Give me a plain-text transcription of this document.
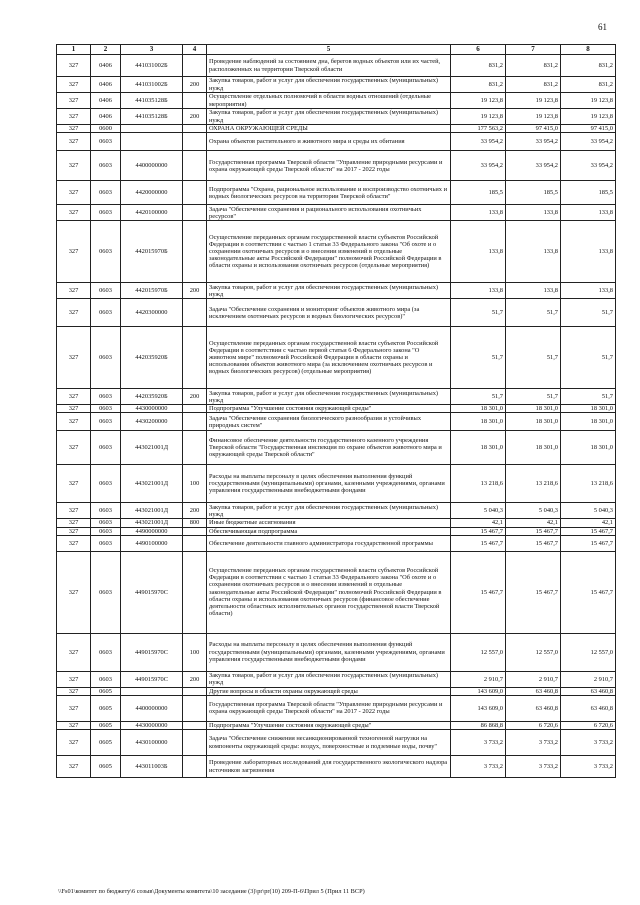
61
1	2	3	4	5	6	7	8
327	0406	441031002Б		Проведение наблюдений за состоянием дна, берегов водных объектов или их частей, расположенных на территории Тверской области	831,2	831,2	831,2
327	0406	441031002Б	200	Закупка товаров, работ и услуг для обеспечения государственных (муниципальных) нужд	831,2	831,2	831,2
327	0406	441035128Б		Осуществление отдельных полномочий в области водных отношений (отдельные мероприятия)	19 123,8	19 123,8	19 123,8
327	0406	441035128Б	200	Закупка товаров, работ и услуг для обеспечения государственных (муниципальных) нужд	19 123,8	19 123,8	19 123,8
327	0600			ОХРАНА ОКРУЖАЮЩЕЙ СРЕДЫ	177 563,2	97 415,0	97 415,0
327	0603			Охрана объектов растительного и животного мира и среды их обитания	33 954,2	33 954,2	33 954,2
327	0603	4400000000		Государственная программа Тверской области "Управление природными ресурсами и охрана окружающей среды Тверской области" на 2017 - 2022 годы	33 954,2	33 954,2	33 954,2
327	0603	4420000000		Подпрограмма "Охрана, рациональное использование и воспроизводство охотничьих и водных биологических ресурсов на территории Тверской области"	185,5	185,5	185,5
327	0603	4420100000		Задача "Обеспечение сохранения и рационального использования охотничьих ресурсов"	133,8	133,8	133,8
327	0603	442015970Б		Осуществление переданных органам государственной власти субъектов Российской Федерации в соответствии с частью 1 статьи 33 Федерального закона "Об охоте и о сохранении охотничьих ресурсов и о внесении изменений в отдельные законодательные акты Российской Федерации" полномочий Российской Федерации в области охраны и использования охотничьих ресурсов (отдельные мероприятия)	133,8	133,8	133,8
327	0603	442015970Б	200	Закупка товаров, работ и услуг для обеспечения государственных (муниципальных) нужд	133,8	133,8	133,8
327	0603	4420300000		Задача "Обеспечение сохранения и мониторинг объектов животного мира (за исключением охотничьих ресурсов и водных биологических ресурсов)"	51,7	51,7	51,7
327	0603	442035920Б		Осуществление переданных органам государственной власти субъектов Российской Федерации в соответствии с частью первой статьи 6 Федерального закона "О животном мире" полномочий Российской Федерации в области охраны и использования объектов животного мира (за исключением охотничьих ресурсов и водных биологических ресурсов) (отдельные мероприятия)	51,7	51,7	51,7
327	0603	442035920Б	200	Закупка товаров, работ и услуг для обеспечения государственных (муниципальных) нужд	51,7	51,7	51,7
327	0603	4430000000		Подпрограмма "Улучшение состояния окружающей среды"	18 301,0	18 301,0	18 301,0
327	0603	4430200000		Задача "Обеспечение сохранения биологического разнообразия и устойчивых природных систем"	18 301,0	18 301,0	18 301,0
327	0603	443021001Д		Финансовое обеспечение деятельности государственного казенного учреждения Тверской области "Государственная инспекция по охране объектов животного мира и окружающей среды Тверской области"	18 301,0	18 301,0	18 301,0
327	0603	443021001Д	100	Расходы на выплаты персоналу в целях обеспечения выполнения функций государственными (муниципальными) органами, казенными учреждениями, органами управления государственными внебюджетными фондами	13 218,6	13 218,6	13 218,6
327	0603	443021001Д	200	Закупка товаров, работ и услуг для обеспечения государственных (муниципальных) нужд	5 040,3	5 040,3	5 040,3
327	0603	443021001Д	800	Иные бюджетные ассигнования	42,1	42,1	42,1
327	0603	4490000000		Обеспечивающая подпрограмма	15 467,7	15 467,7	15 467,7
327	0603	4490100000		Обеспечение деятельности главного администратора государственной программы	15 467,7	15 467,7	15 467,7
327	0603	449015970С		Осуществление переданных органам государственной власти субъектов Российской Федерации в соответствии с частью 1 статьи 33 Федерального закона "Об охоте и о сохранении охотничьих ресурсов и о внесении изменений в отдельные законодательные акты Российской Федерации" полномочий Российской Федерации в области охраны и использования охотничьих ресурсов (финансовое обеспечение деятельности областных исполнительных органов государственной власти Тверской области)	15 467,7	15 467,7	15 467,7
327	0603	449015970С	100	Расходы на выплаты персоналу в целях обеспечения выполнения функций государственными (муниципальными) органами, казенными учреждениями, органами управления государственными внебюджетными фондами	12 557,0	12 557,0	12 557,0
327	0603	449015970С	200	Закупка товаров, работ и услуг для обеспечения государственных (муниципальных) нужд	2 910,7	2 910,7	2 910,7
327	0605			Другие вопросы в области охраны окружающей среды	143 609,0	63 460,8	63 460,8
327	0605	4400000000		Государственная программа Тверской области "Управление природными ресурсами и охрана окружающей среды Тверской области" на 2017 - 2022 годы	143 609,0	63 460,8	63 460,8
327	0605	4430000000		Подпрограмма "Улучшение состояния окружающей среды"	86 868,8	6 720,6	6 720,6
327	0605	4430100000		Задача "Обеспечение снижения несанкционированной техногенной нагрузки на компоненты окружающей среды: воздух, поверхностные и подземные воды, почву"	3 733,2	3 733,2	3 733,2
327	0605	443011003Б		Проведение лабораторных исследований для государственного экологического надзора источников загрязнения	3 733,2	3 733,2	3 733,2
\\Fs01\комитет по бюджету\6 созыв\Документы комитета\10 заседание (3)\pr\pr(10) 209-П-6\Прил 5 (Прил 11 ВСР)
